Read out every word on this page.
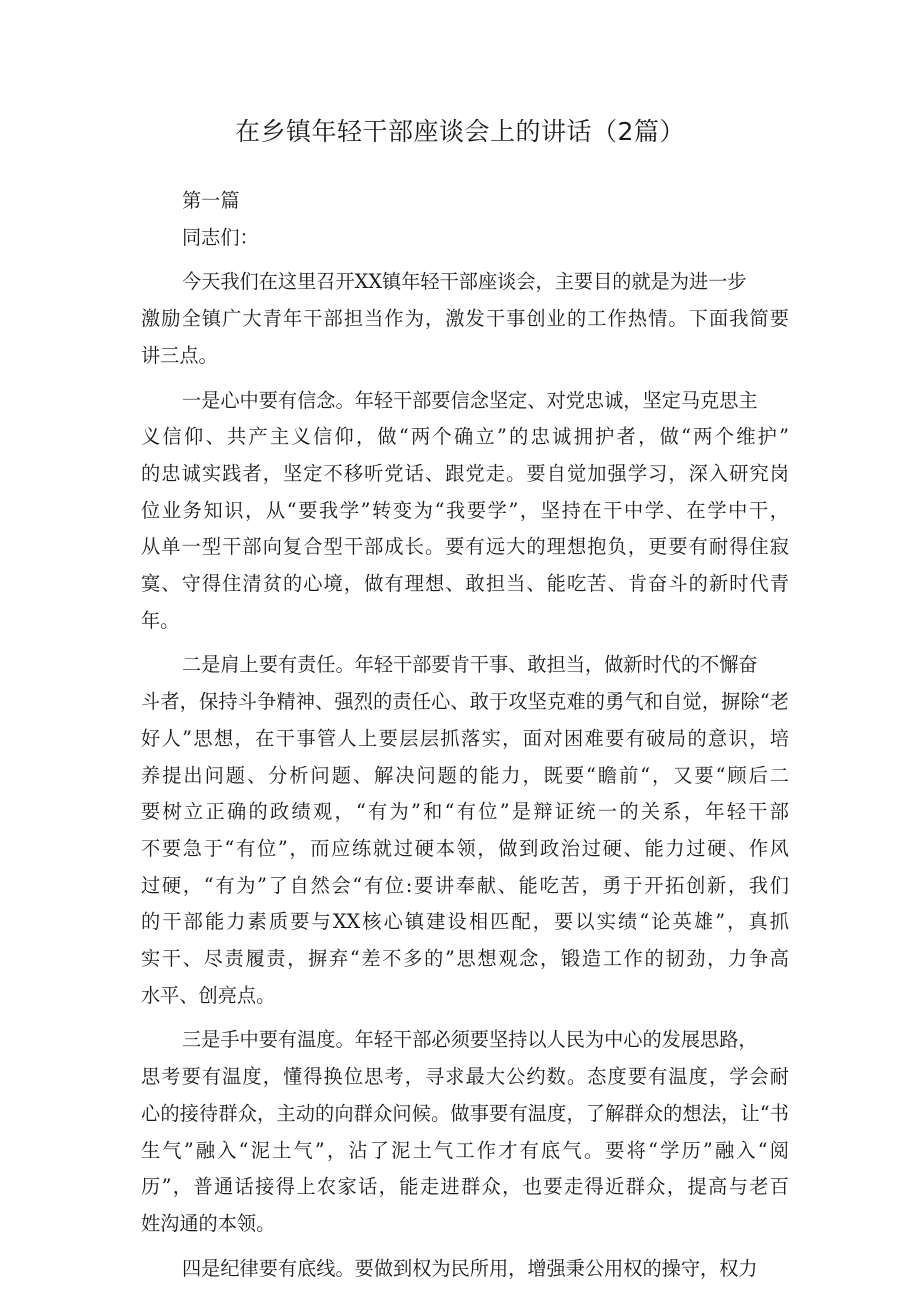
在乡镇年轻干部座谈会上的讲话（2篇）
第一篇
同志们：
今天我们在这里召开XX镇年轻干部座谈会，主要目的就是为进一步
激励全镇广大青年干部担当作为，激发干事创业的工作热情。下面我简要
讲三点。
一是心中要有信念。年轻干部要信念坚定、对党忠诚，坚定马克思主
义信仰、共产主义信仰，做“两个确立”的忠诚拥护者，做“两个维护”
的忠诚实践者，坚定不移听党话、跟党走。要自觉加强学习，深入研究岗
位业务知识，从“要我学”转变为“我要学”，坚持在干中学、在学中干，
从单一型干部向复合型干部成长。要有远大的理想抱负，更要有耐得住寂
寞、守得住清贫的心境，做有理想、敢担当、能吃苦、肯奋斗的新时代青
年。
二是肩上要有责任。年轻干部要肯干事、敢担当，做新时代的不懈奋
斗者，保持斗争精神、强烈的责任心、敢于攻坚克难的勇气和自觉，摒除“老
好人”思想，在干事管人上要层层抓落实，面对困难要有破局的意识，培
养提出问题、分析问题、解决问题的能力，既要“瞻前“，又要“顾后二
要树立正确的政绩观，“有为”和“有位”是辩证统一的关系，年轻干部
不要急于“有位”，而应练就过硬本领，做到政治过硬、能力过硬、作风
过硬，“有为”了自然会“有位:要讲奉献、能吃苦，勇于开拓创新，我们
的干部能力素质要与XX核心镇建设相匹配，要以实绩“论英雄”，真抓
实干、尽责履责，摒弃“差不多的”思想观念，锻造工作的韧劲，力争高
水平、创亮点。
三是手中要有温度。年轻干部必须要坚持以人民为中心的发展思路，
思考要有温度，懂得换位思考，寻求最大公约数。态度要有温度，学会耐
心的接待群众，主动的向群众问候。做事要有温度，了解群众的想法，让“书
生气”融入“泥土气”，沾了泥土气工作才有底气。要将“学历”融入“阅
历”，普通话接得上农家话，能走进群众，也要走得近群众，提高与老百
姓沟通的本领。
四是纪律要有底线。要做到权为民所用，增强秉公用权的操守，权力
